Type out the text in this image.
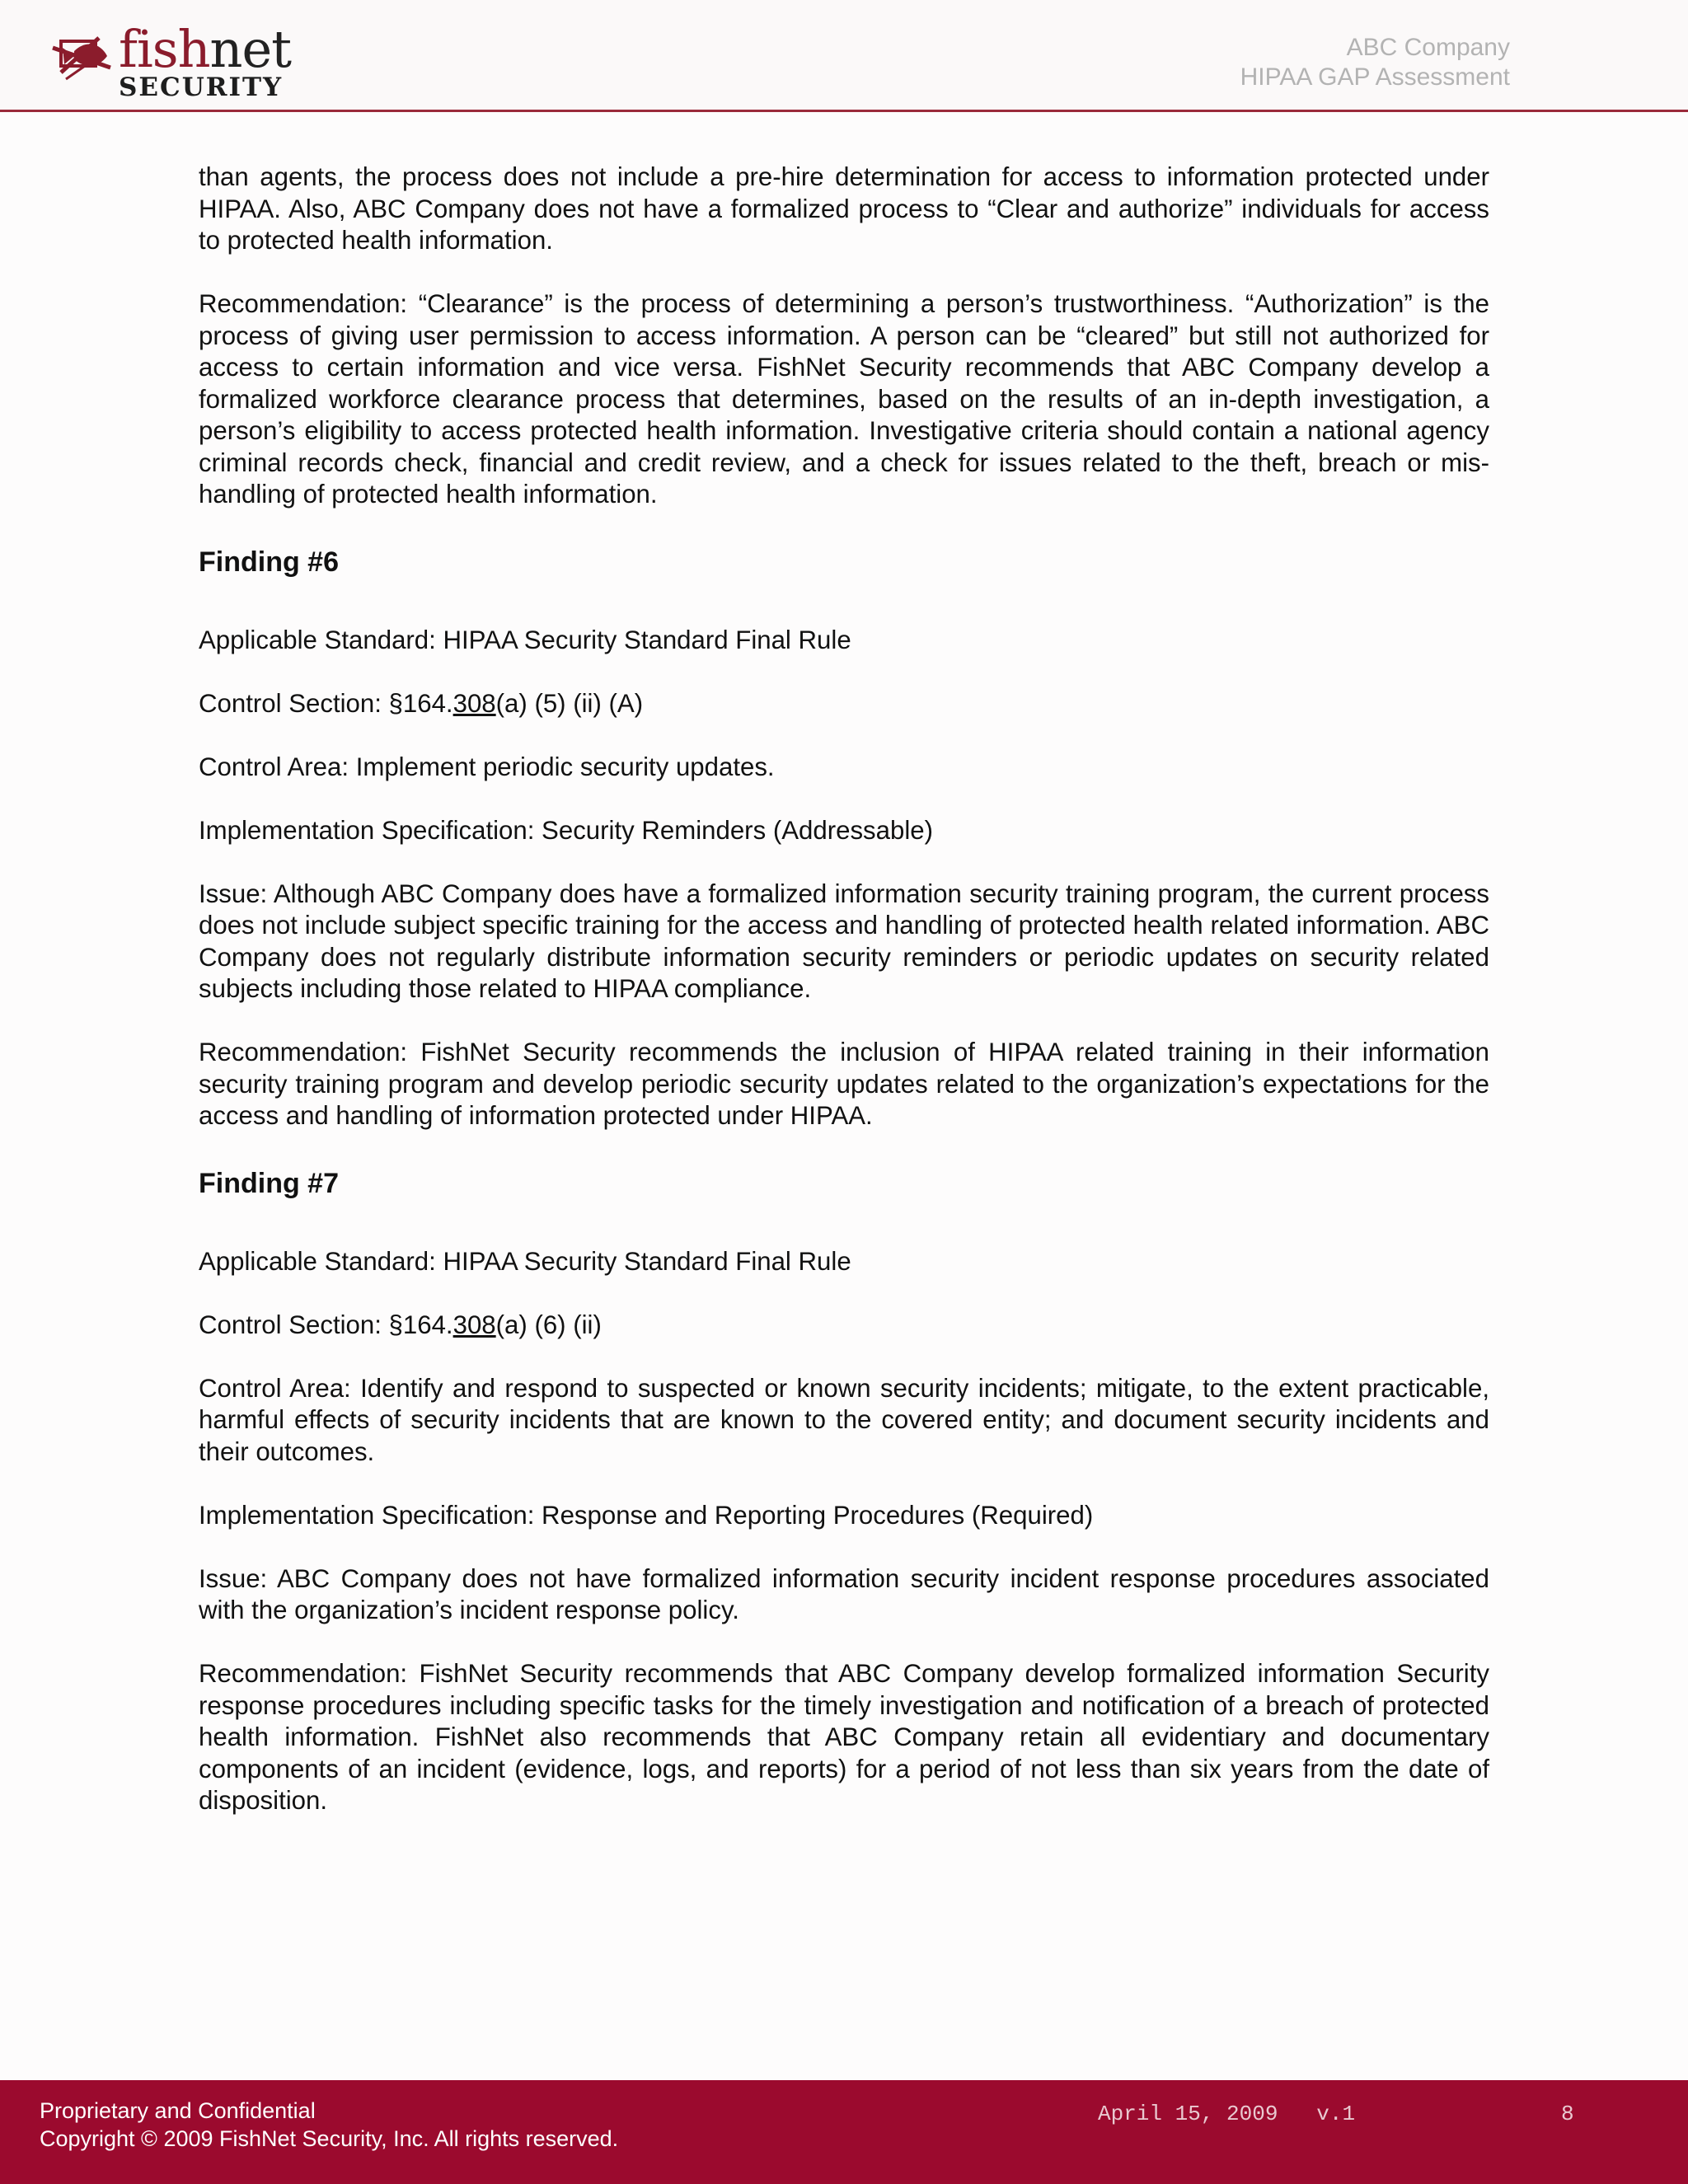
fishnet
SECURITY
ABC Company
HIPAA GAP Assessment

than agents, the process does not include a pre-hire determination for access to information protected under HIPAA. Also, ABC Company does not have a formalized process to “Clear and authorize” individuals for access to protected health information.

Recommendation: “Clearance” is the process of determining a person’s trustworthiness. “Authorization” is the process of giving user permission to access information. A person can be “cleared” but still not authorized for access to certain information and vice versa. FishNet Security recommends that ABC Company develop a formalized workforce clearance process that determines, based on the results of an in-depth investigation, a person’s eligibility to access protected health information. Investigative criteria should contain a national agency criminal records check, financial and credit review, and a check for issues related to the theft, breach or mis-handling of protected health information.

Finding #6

Applicable Standard: HIPAA Security Standard Final Rule

Control Section: §164.308(a) (5) (ii) (A)

Control Area: Implement periodic security updates.

Implementation Specification: Security Reminders (Addressable)

Issue: Although ABC Company does have a formalized information security training program, the current process does not include subject specific training for the access and handling of protected health related information. ABC Company does not regularly distribute information security reminders or periodic updates on security related subjects including those related to HIPAA compliance.

Recommendation: FishNet Security recommends the inclusion of HIPAA related training in their information security training program and develop periodic security updates related to the organization’s expectations for the access and handling of information protected under HIPAA.

Finding #7

Applicable Standard: HIPAA Security Standard Final Rule

Control Section: §164.308(a) (6) (ii)

Control Area: Identify and respond to suspected or known security incidents; mitigate, to the extent practicable, harmful effects of security incidents that are known to the covered entity; and document security incidents and their outcomes.

Implementation Specification: Response and Reporting Procedures (Required)

Issue: ABC Company does not have formalized information security incident response procedures associated with the organization’s incident response policy.

Recommendation: FishNet Security recommends that ABC Company develop formalized information Security response procedures including specific tasks for the timely investigation and notification of a breach of protected health information. FishNet also recommends that ABC Company retain all evidentiary and documentary components of an incident (evidence, logs, and reports) for a period of not less than six years from the date of disposition.

Proprietary and Confidential
Copyright © 2009 FishNet Security, Inc. All rights reserved.
April 15, 2009   v.1	8
